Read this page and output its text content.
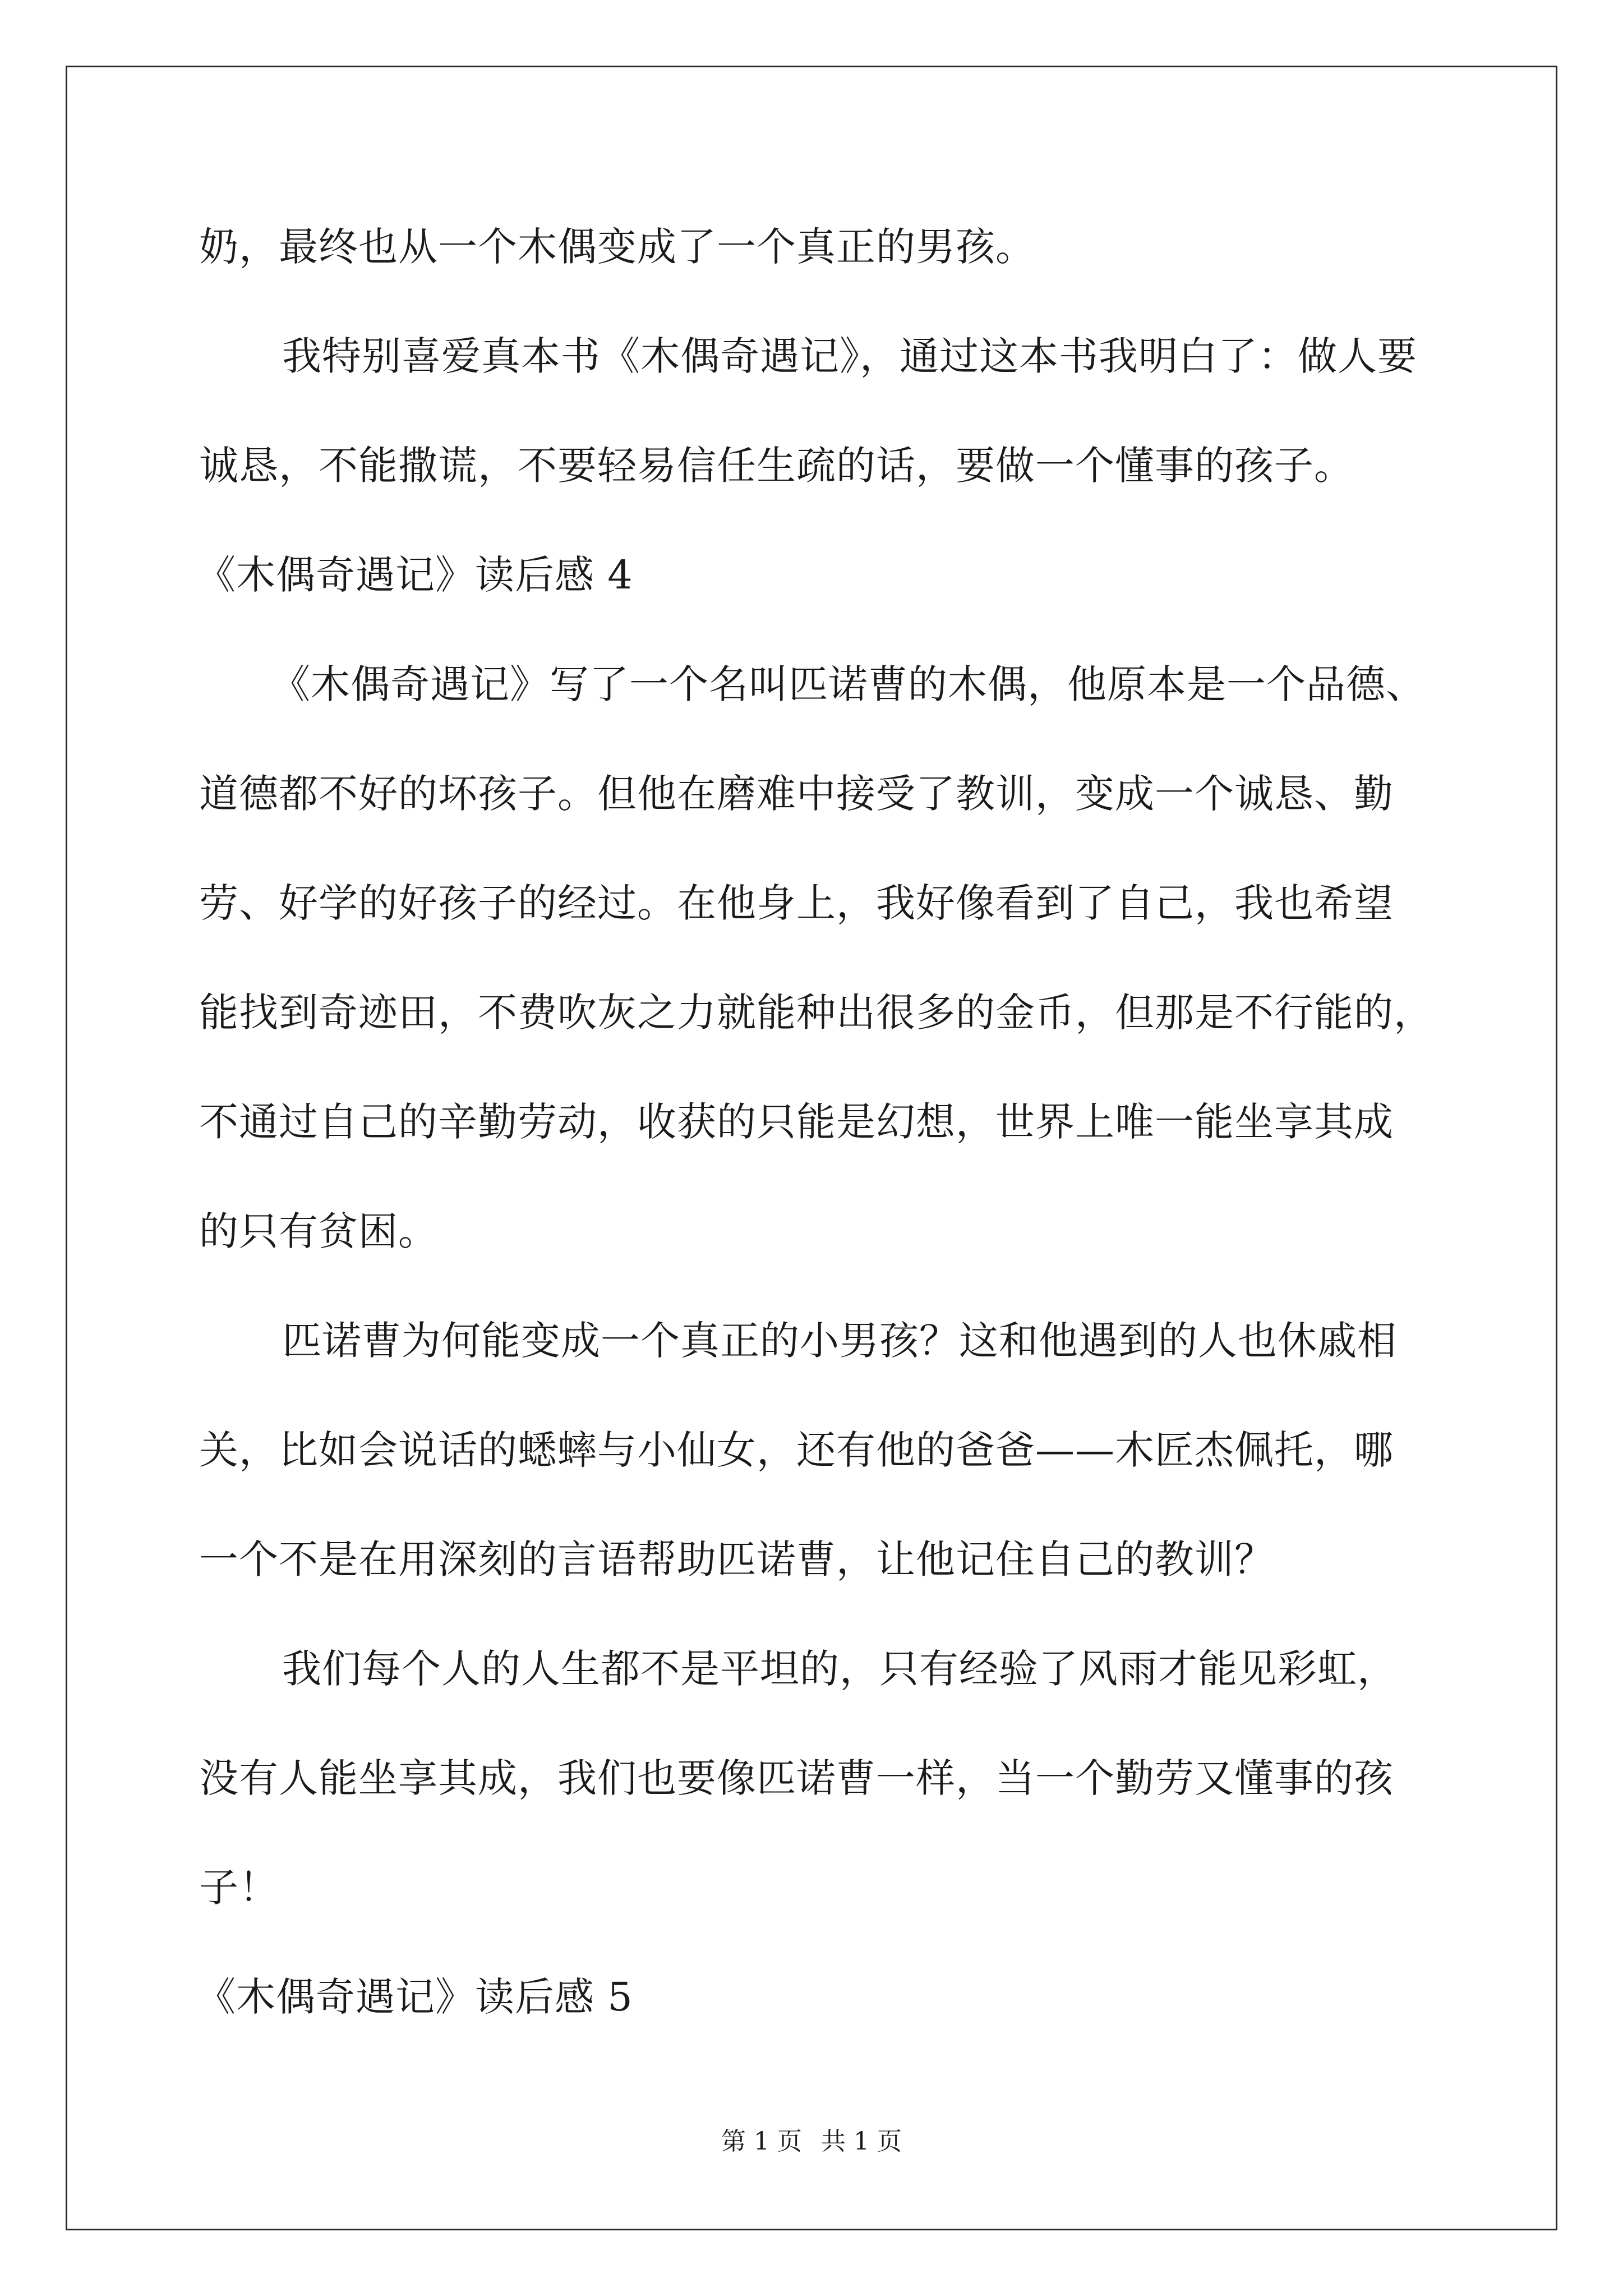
奶，最终也从一个木偶变成了一个真正的男孩。
我特别喜爱真本书《木偶奇遇记》，通过这本书我明白了：做人要
诚恳，不能撒谎，不要轻易信任生疏的话，要做一个懂事的孩子。
《木偶奇遇记》读后感 4
《木偶奇遇记》写了一个名叫匹诺曹的木偶，他原本是一个品德、
道德都不好的坏孩子。但他在磨难中接受了教训，变成一个诚恳、勤
劳、好学的好孩子的经过。在他身上，我好像看到了自己，我也希望
能找到奇迹田，不费吹灰之力就能种出很多的金币，但那是不行能的，
不通过自己的辛勤劳动，收获的只能是幻想，世界上唯一能坐享其成
的只有贫困。
匹诺曹为何能变成一个真正的小男孩？这和他遇到的人也休戚相
关，比如会说话的蟋蟀与小仙女，还有他的爸爸——木匠杰佩托，哪
一个不是在用深刻的言语帮助匹诺曹，让他记住自己的教训？
我们每个人的人生都不是平坦的，只有经验了风雨才能见彩虹，
没有人能坐享其成，我们也要像匹诺曹一样，当一个勤劳又懂事的孩
子！
《木偶奇遇记》读后感 5
第 1 页 共 1 页
